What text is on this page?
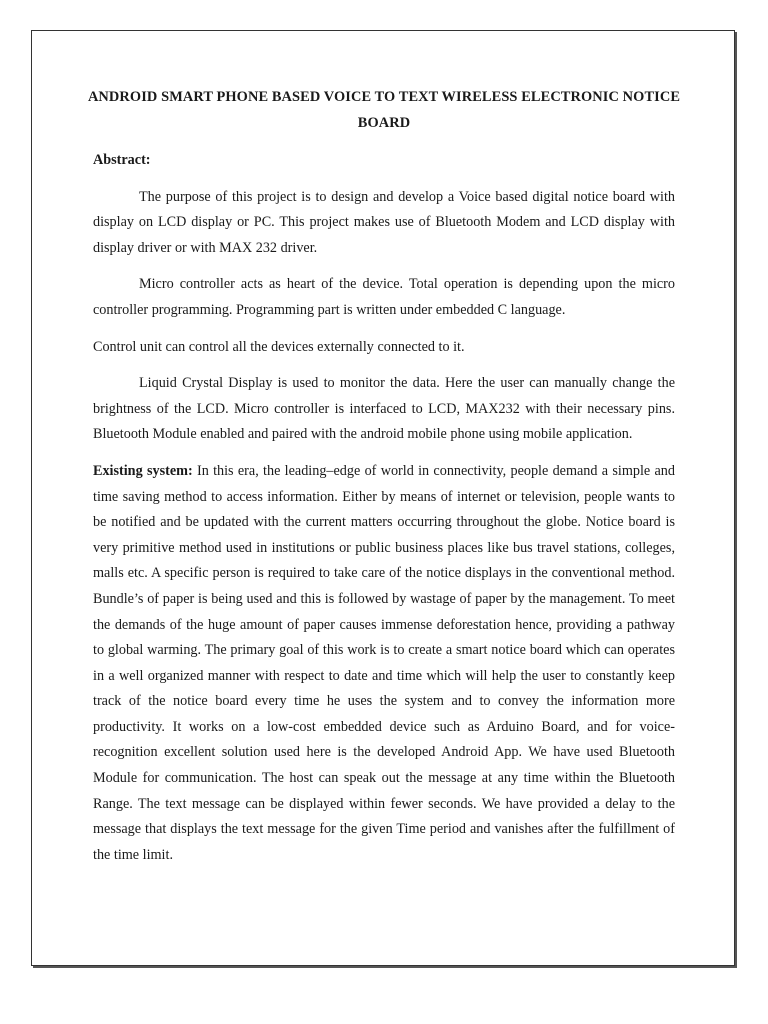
ANDROID SMART PHONE BASED VOICE TO TEXT WIRELESS ELECTRONIC NOTICE BOARD
Abstract:

The purpose of this project is to design and develop a Voice based digital notice board with display on LCD display or PC. This project makes use of Bluetooth Modem and LCD display with display driver or with MAX 232 driver.

Micro controller acts as heart of the device. Total operation is depending upon the micro controller programming. Programming part is written under embedded C language.

Control unit can control all the devices externally connected to it.

Liquid Crystal Display is used to monitor the data. Here the user can manually change the brightness of the LCD. Micro controller is interfaced to LCD, MAX232 with their necessary pins. Bluetooth Module enabled and paired with the android mobile phone using mobile application.

Existing system: In this era, the leading–edge of world in connectivity, people demand a simple and time saving method to access information. Either by means of internet or television, people wants to be notified and be updated with the current matters occurring throughout the globe. Notice board is very primitive method used in institutions or public business places like bus travel stations, colleges, malls etc. A specific person is required to take care of the notice displays in the conventional method. Bundle’s of paper is being used and this is followed by wastage of paper by the management. To meet the demands of the huge amount of paper causes immense deforestation hence, providing a pathway to global warming. The primary goal of this work is to create a smart notice board which can operates in a well organized manner with respect to date and time which will help the user to constantly keep track of the notice board every time he uses the system and to convey the information more productivity. It works on a low-cost embedded device such as Arduino Board, and for voice-recognition excellent solution used here is the developed Android App. We have used Bluetooth Module for communication. The host can speak out the message at any time within the Bluetooth Range. The text message can be displayed within fewer seconds. We have provided a delay to the message that displays the text message for the given Time period and vanishes after the fulfillment of the time limit.
